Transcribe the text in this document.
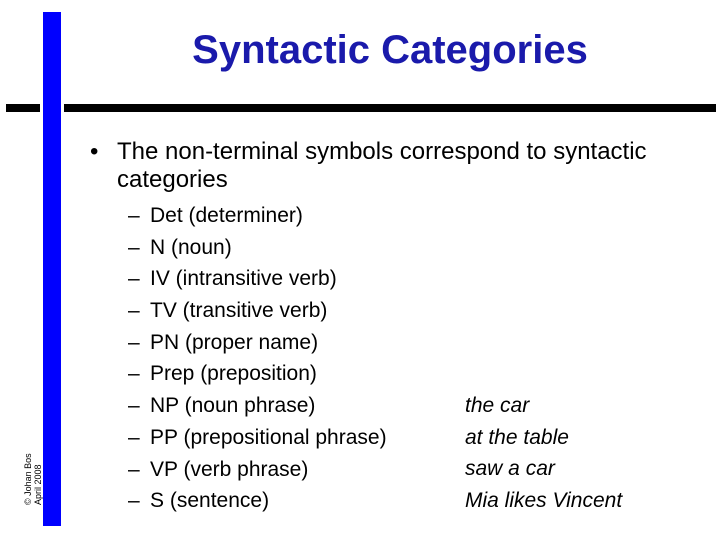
Syntactic Categories
© Johan Bos April 2008
• The non-terminal symbols correspond to syntactic categories
– Det (determiner)
– N (noun)
– IV (intransitive verb)
– TV (transitive verb)
– PN (proper name)
– Prep (preposition)
– NP (noun phrase)
– PP (prepositional phrase)
– VP (verb phrase)
– S (sentence)
the car
at the table
saw a car
Mia likes Vincent
